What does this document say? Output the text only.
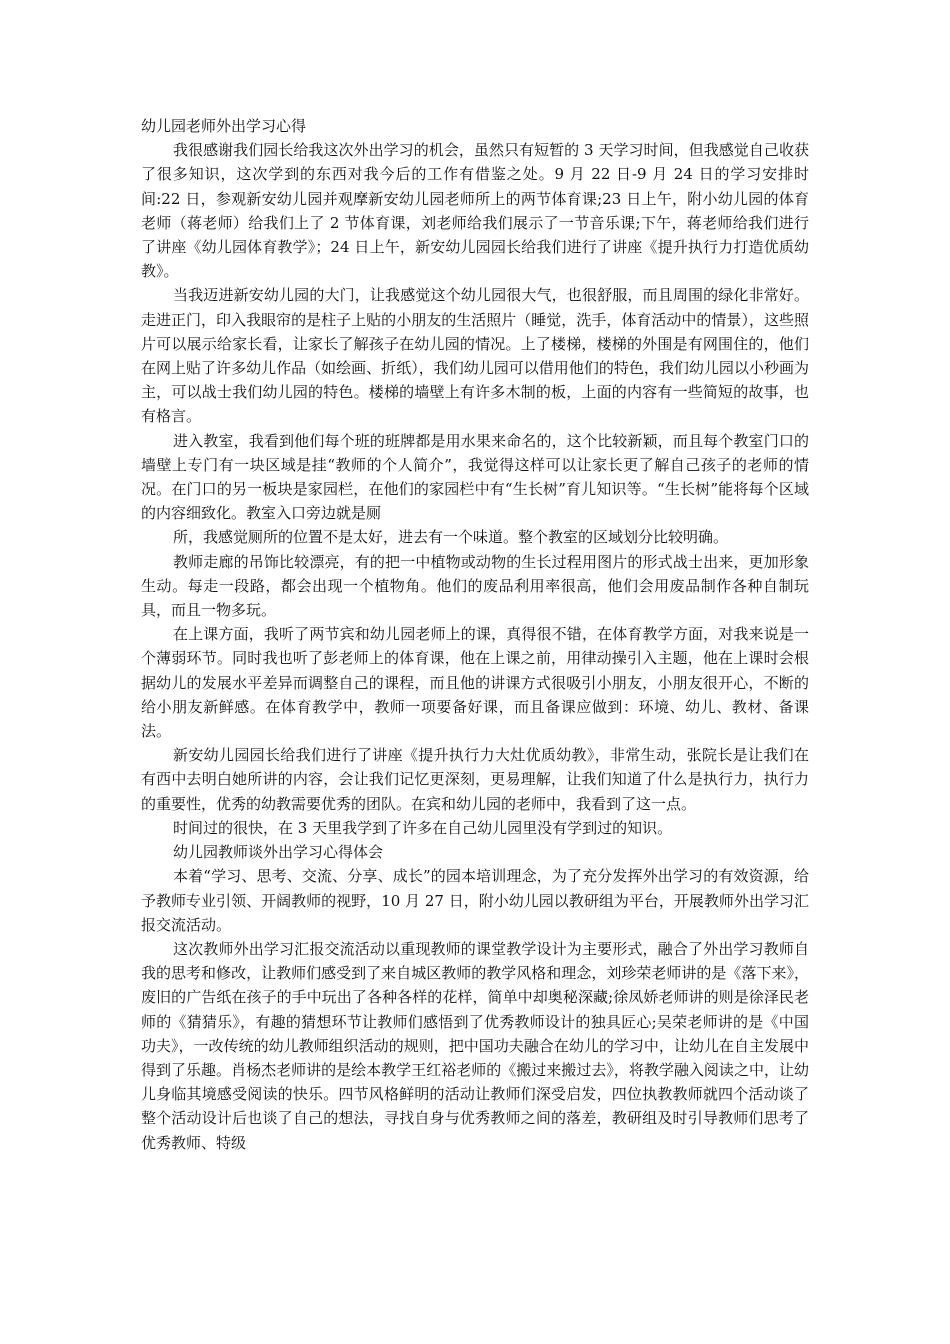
幼儿园老师外出学习心得

我很感谢我们园长给我这次外出学习的机会，虽然只有短暂的 3 天学习时间，但我感觉自己收获了很多知识，这次学到的东西对我今后的工作有借鉴之处。9 月 22 日-9 月 24 日的学习安排时间:22 日，参观新安幼儿园并观摩新安幼儿园老师所上的两节体育课;23 日上午，附小幼儿园的体育老师（蒋老师）给我们上了 2 节体育课，刘老师给我们展示了一节音乐课;下午，蒋老师给我们进行了讲座《幼儿园体育教学》；24 日上午，新安幼儿园园长给我们进行了讲座《提升执行力打造优质幼教》。

当我迈进新安幼儿园的大门，让我感觉这个幼儿园很大气，也很舒服，而且周围的绿化非常好。走进正门，印入我眼帘的是柱子上贴的小朋友的生活照片（睡觉，洗手，体育活动中的情景），这些照片可以展示给家长看，让家长了解孩子在幼儿园的情况。上了楼梯，楼梯的外围是有网围住的，他们在网上贴了许多幼儿作品（如绘画、折纸），我们幼儿园可以借用他们的特色，我们幼儿园以小秒画为主，可以战士我们幼儿园的特色。楼梯的墙壁上有许多木制的板，上面的内容有一些简短的故事，也有格言。

进入教室，我看到他们每个班的班牌都是用水果来命名的，这个比较新颖，而且每个教室门口的墙壁上专门有一块区域是挂“教师的个人简介”，我觉得这样可以让家长更了解自己孩子的老师的情况。在门口的另一板块是家园栏，在他们的家园栏中有“生长树”育儿知识等。“生长树”能将每个区域的内容细致化。教室入口旁边就是厕

所，我感觉厕所的位置不是太好，进去有一个味道。整个教室的区域划分比较明确。

教师走廊的吊饰比较漂亮，有的把一中植物或动物的生长过程用图片的形式战士出来，更加形象生动。每走一段路，都会出现一个植物角。他们的废品利用率很高，他们会用废品制作各种自制玩具，而且一物多玩。

在上课方面，我听了两节宾和幼儿园老师上的课，真得很不错，在体育教学方面，对我来说是一个薄弱环节。同时我也听了彭老师上的体育课，他在上课之前，用律动操引入主题，他在上课时会根据幼儿的发展水平差异而调整自己的课程，而且他的讲课方式很吸引小朋友，小朋友很开心，不断的给小朋友新鲜感。在体育教学中，教师一项要备好课，而且备课应做到：环境、幼儿、教材、备课法。

新安幼儿园园长给我们进行了讲座《提升执行力大灶优质幼教》，非常生动，张院长是让我们在有西中去明白她所讲的内容，会让我们记忆更深刻，更易理解，让我们知道了什么是执行力，执行力的重要性，优秀的幼教需要优秀的团队。在宾和幼儿园的老师中，我看到了这一点。

时间过的很快，在 3 天里我学到了许多在自己幼儿园里没有学到过的知识。

幼儿园教师谈外出学习心得体会

本着“学习、思考、交流、分享、成长”的园本培训理念，为了充分发挥外出学习的有效资源，给予教师专业引领、开阔教师的视野，10 月 27 日，附小幼儿园以教研组为平台，开展教师外出学习汇报交流活动。

这次教师外出学习汇报交流活动以重现教师的课堂教学设计为主要形式，融合了外出学习教师自我的思考和修改，让教师们感受到了来自城区教师的教学风格和理念，刘珍荣老师讲的是《落下来》，废旧的广告纸在孩子的手中玩出了各种各样的花样，简单中却奥秘深藏;徐凤娇老师讲的则是徐泽民老师的《猜猜乐》，有趣的猜想环节让教师们感悟到了优秀教师设计的独具匠心;吴荣老师讲的是《中国功夫》，一改传统的幼儿教师组织活动的规则，把中国功夫融合在幼儿的学习中，让幼儿在自主发展中得到了乐趣。肖杨杰老师讲的是绘本教学王红裕老师的《搬过来搬过去》，将教学融入阅读之中，让幼儿身临其境感受阅读的快乐。四节风格鲜明的活动让教师们深受启发，四位执教教师就四个活动谈了整个活动设计后也谈了自己的想法，寻找自身与优秀教师之间的落差，教研组及时引导教师们思考了优秀教师、特级
